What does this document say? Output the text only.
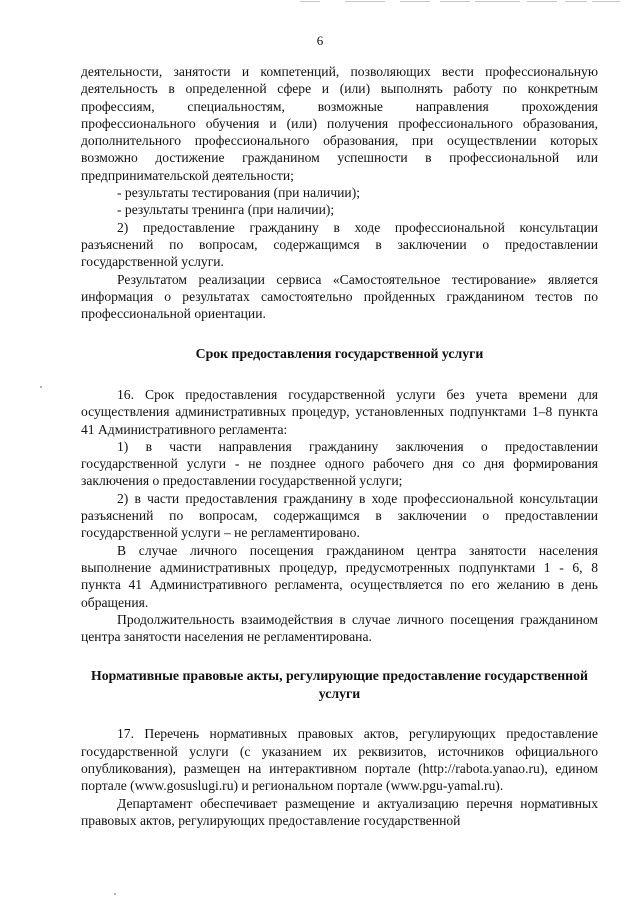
6

деятельности, занятости и компетенций, позволяющих вести профессиональную деятельность в определенной сфере и (или) выполнять работу по конкретным профессиям, специальностям, возможные направления прохождения профессионального обучения и (или) получения профессионального образования, дополнительного профессионального образования, при осуществлении которых возможно достижение гражданином успешности в профессиональной или предпринимательской деятельности;

- результаты тестирования (при наличии);

- результаты тренинга (при наличии);

2) предоставление гражданину в ходе профессиональной консультации разъяснений по вопросам, содержащимся в заключении о предоставлении государственной услуги.

Результатом реализации сервиса «Самостоятельное тестирование» является информация о результатах самостоятельно пройденных гражданином тестов по профессиональной ориентации.

Срок предоставления государственной услуги

16. Срок предоставления государственной услуги без учета времени для осуществления административных процедур, установленных подпунктами 1–8 пункта 41 Административного регламента:

1) в части направления гражданину заключения о предоставлении государственной услуги - не позднее одного рабочего дня со дня формирования заключения о предоставлении государственной услуги;

2) в части предоставления гражданину в ходе профессиональной консультации разъяснений по вопросам, содержащимся в заключении о предоставлении государственной услуги – не регламентировано.

В случае личного посещения гражданином центра занятости населения выполнение административных процедур, предусмотренных подпунктами 1 - 6, 8 пункта 41 Административного регламента, осуществляется по его желанию в день обращения.

Продолжительность взаимодействия в случае личного посещения гражданином центра занятости населения не регламентирована.

Нормативные правовые акты, регулирующие предоставление государственной услуги

17. Перечень нормативных правовых актов, регулирующих предоставление государственной услуги (с указанием их реквизитов, источников официального опубликования), размещен на интерактивном портале (http://rabota.yanao.ru), едином портале (www.gosuslugi.ru) и региональном портале (www.pgu-yamal.ru).

Департамент обеспечивает размещение и актуализацию перечня нормативных правовых актов, регулирующих предоставление государственной
